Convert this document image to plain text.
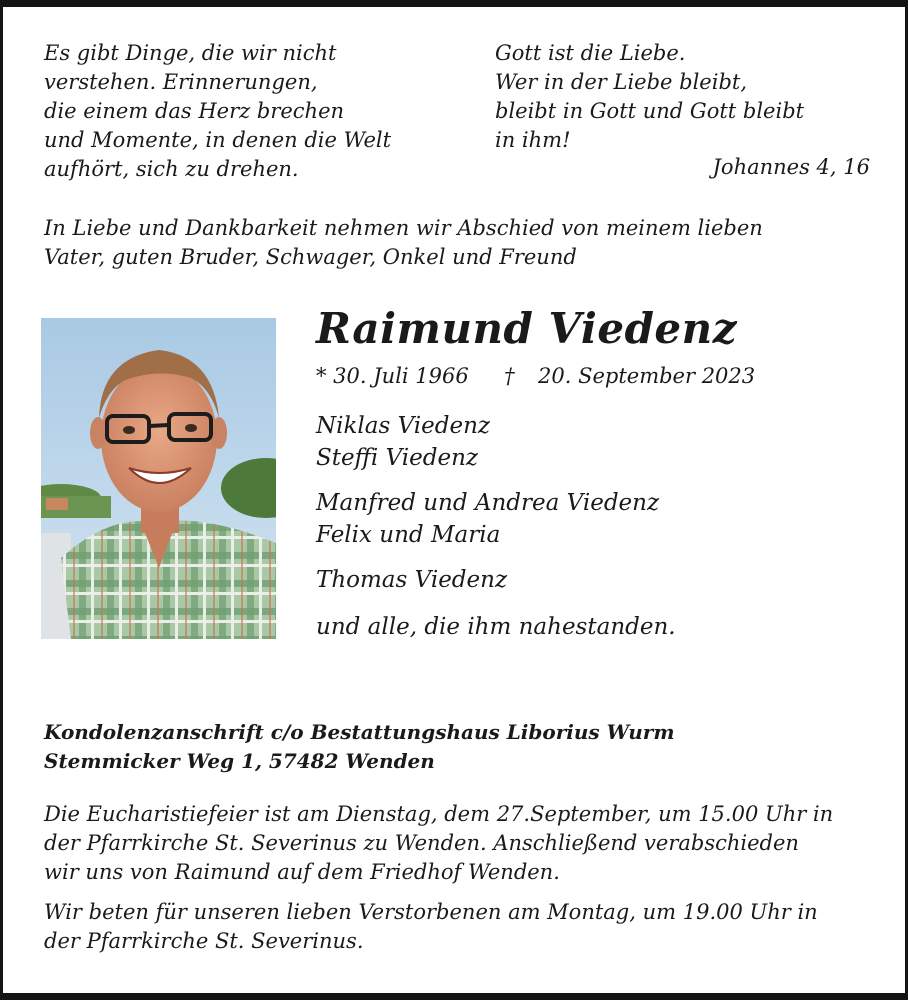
Es gibt Dinge, die wir nicht
verstehen. Erinnerungen,
die einem das Herz brechen
und Momente, in denen die Welt
aufhört, sich zu drehen.
Gott ist die Liebe.
Wer in der Liebe bleibt,
bleibt in Gott und Gott bleibt
in ihm!
Johannes 4, 16
In Liebe und Dankbarkeit nehmen wir Abschied von meinem lieben
Vater, guten Bruder, Schwager, Onkel und Freund
Raimund Viedenz
* 30. Juli 1966 † 20. September 2023
Niklas Viedenz
Steffi Viedenz
Manfred und Andrea Viedenz
Felix und Maria
Thomas Viedenz
und alle, die ihm nahestanden.
Kondolenzanschrift c/o Bestattungshaus Liborius Wurm
Stemmicker Weg 1, 57482 Wenden
Die Eucharistiefeier ist am Dienstag, dem 27.September, um 15.00 Uhr in
der Pfarrkirche St. Severinus zu Wenden. Anschließend verabschieden
wir uns von Raimund auf dem Friedhof Wenden.
Wir beten für unseren lieben Verstorbenen am Montag, um 19.00 Uhr in
der Pfarrkirche St. Severinus.
